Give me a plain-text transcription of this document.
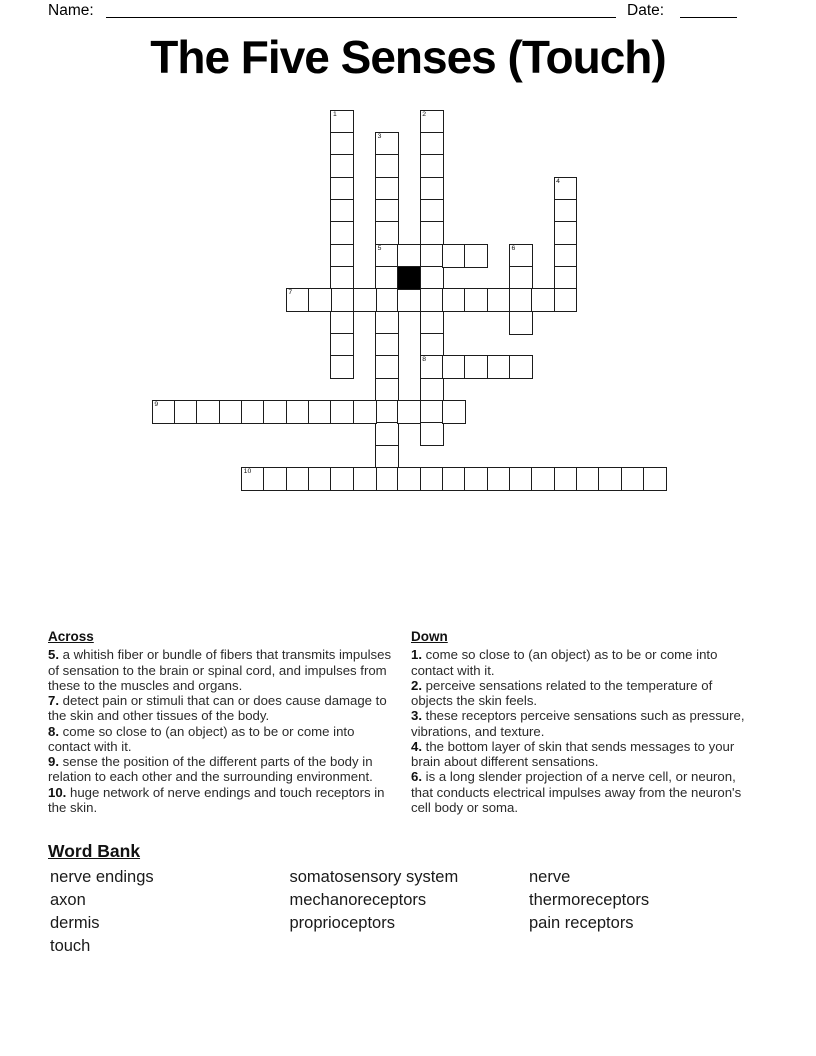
Name:	Date:
The Five Senses (Touch)
1	2
8
3
5
4
6
7
9
10
Across

5. a whitish fiber or bundle of fibers that transmits impulses of sensation to the brain or spinal cord, and impulses from these to the muscles and organs.

7. detect pain or stimuli that can or does cause damage to the skin and other tissues of the body.

8. come so close to (an object) as to be or come into contact with it.

9. sense the position of the different parts of the body in relation to each other and the surrounding environment.

10. huge network of nerve endings and touch receptors in the skin.

Down

1. come so close to (an object) as to be or come into contact with it.

2. perceive sensations related to the temperature of objects the skin feels.

3. these receptors perceive sensations such as pressure, vibrations, and texture.

4. the bottom layer of skin that sends messages to your brain about different sensations.

6. is a long slender projection of a nerve cell, or neuron, that conducts electrical impulses away from the neuron's cell body or soma.

Word Bank
nerve endings
axon
dermis
touch
somatosensory system
mechanoreceptors
proprioceptors
nerve
thermoreceptors
pain receptors
